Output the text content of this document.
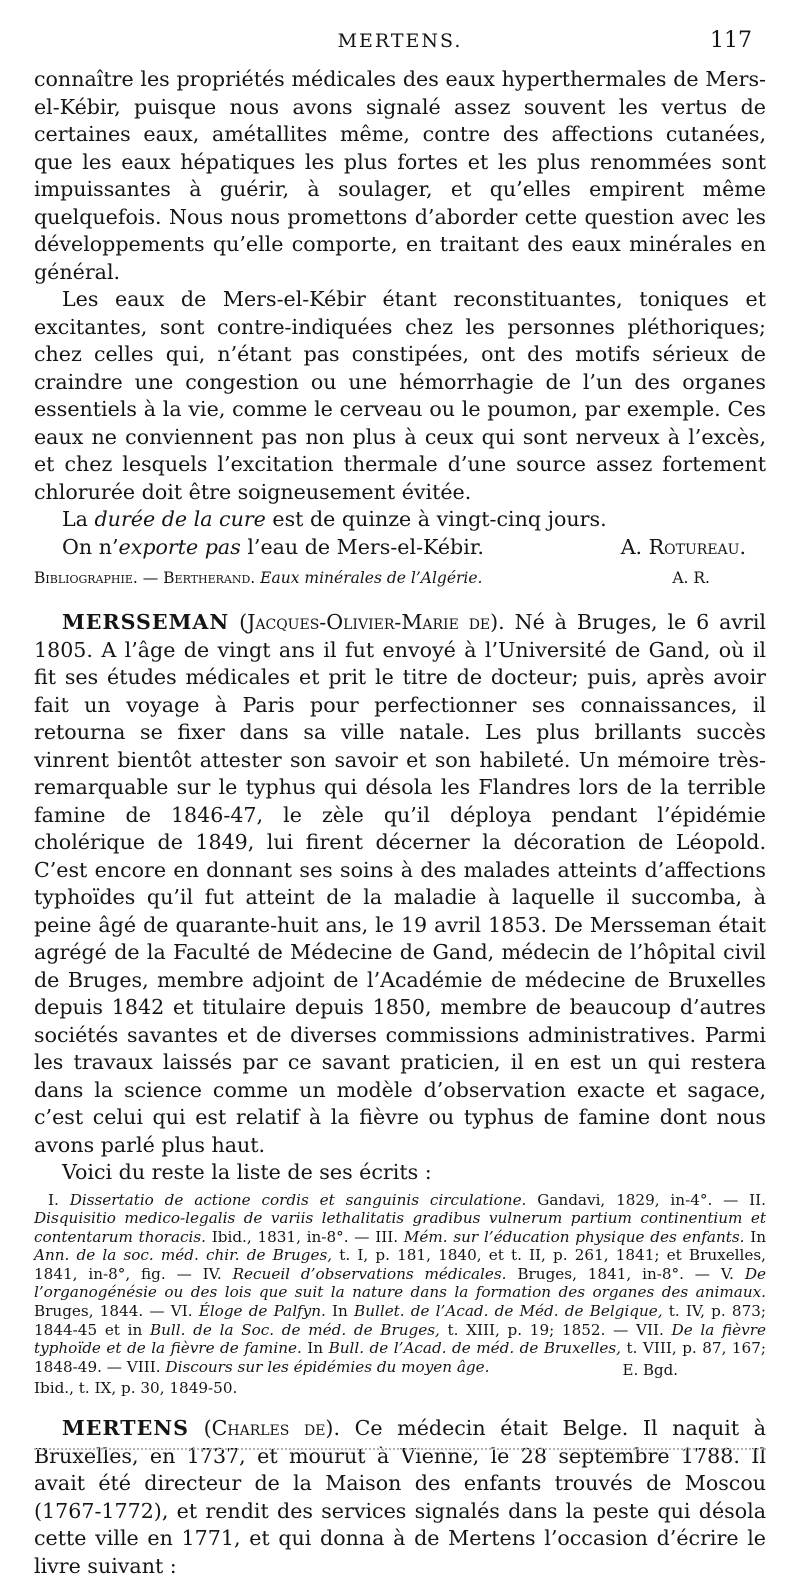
MERTENS.	117

connaître les propriétés médicales des eaux hyperthermales de Mers-el-Kébir, puisque nous avons signalé assez souvent les vertus de certaines eaux, amétallites même, contre des affections cutanées, que les eaux hépatiques les plus fortes et les plus renommées sont impuissantes à guérir, à soulager, et qu’elles empirent même quelquefois. Nous nous promettons d’aborder cette question avec les développements qu’elle comporte, en traitant des eaux minérales en général.

Les eaux de Mers-el-Kébir étant reconstituantes, toniques et excitantes, sont contre-indiquées chez les personnes pléthoriques; chez celles qui, n’étant pas constipées, ont des motifs sérieux de craindre une congestion ou une hémorrhagie de l’un des organes essentiels à la vie, comme le cerveau ou le poumon, par exemple. Ces eaux ne conviennent pas non plus à ceux qui sont nerveux à l’excès, et chez lesquels l’excitation thermale d’une source assez fortement chlorurée doit être soigneusement évitée.

La durée de la cure est de quinze à vingt-cinq jours.

On n’exporte pas l’eau de Mers-el-Kébir.	A. Rotureau.
Bibliographie. — Bertherand. Eaux minérales de l’Algérie.	A. R.

MERSSEMAN (Jacques-Olivier-Marie de). Né à Bruges, le 6 avril 1805. A l’âge de vingt ans il fut envoyé à l’Université de Gand, où il fit ses études médicales et prit le titre de docteur; puis, après avoir fait un voyage à Paris pour perfectionner ses connaissances, il retourna se fixer dans sa ville natale. Les plus brillants succès vinrent bientôt attester son savoir et son habileté. Un mémoire très-remarquable sur le typhus qui désola les Flandres lors de la terrible famine de 1846-47, le zèle qu’il déploya pendant l’épidémie cholérique de 1849, lui firent décerner la décoration de Léopold. C’est encore en donnant ses soins à des malades atteints d’affections typhoïdes qu’il fut atteint de la maladie à laquelle il succomba, à peine âgé de quarante-huit ans, le 19 avril 1853. De Mersseman était agrégé de la Faculté de Médecine de Gand, médecin de l’hôpital civil de Bruges, membre adjoint de l’Académie de médecine de Bruxelles depuis 1842 et titulaire depuis 1850, membre de beaucoup d’autres sociétés savantes et de diverses commissions administratives. Parmi les travaux laissés par ce savant praticien, il en est un qui restera dans la science comme un modèle d’observation exacte et sagace, c’est celui qui est relatif à la fièvre ou typhus de famine dont nous avons parlé plus haut.

Voici du reste la liste de ses écrits :

I. Dissertatio de actione cordis et sanguinis circulatione. Gandavi, 1829, in-4°. — II. Disquisitio medico-legalis de variis lethalitatis gradibus vulnerum partium continentium et contentarum thoracis. Ibid., 1831, in-8°. — III. Mém. sur l’éducation physique des enfants. In Ann. de la soc. méd. chir. de Bruges, t. I, p. 181, 1840, et t. II, p. 261, 1841; et Bruxelles, 1841, in-8°, fig. — IV. Recueil d’observations médicales. Bruges, 1841, in-8°. — V. De l’organogénésie ou des lois que suit la nature dans la formation des organes des animaux. Bruges, 1844. — VI. Éloge de Palfyn. In Bullet. de l’Acad. de Méd. de Belgique, t. IV, p. 873; 1844-45 et in Bull. de la Soc. de méd. de Bruges, t. XIII, p. 19; 1852. — VII. De la fièvre typhoïde et de la fièvre de famine. In Bull. de l’Acad. de méd. de Bruxelles, t. VIII, p. 87, 167; 1848-49. — VIII. Discours sur les épidémies du moyen âge.	E. Bgd.

Ibid., t. IX, p. 30, 1849-50.

MERTENS (Charles de). Ce médecin était Belge. Il naquit à Bruxelles, en 1737, et mourut à Vienne, le 28 septembre 1788. Il avait été directeur de la Maison des enfants trouvés de Moscou (1767-1772), et rendit des services signalés dans la peste qui désola cette ville en 1771, et qui donna à de Mertens l’occasion d’écrire le livre suivant :
